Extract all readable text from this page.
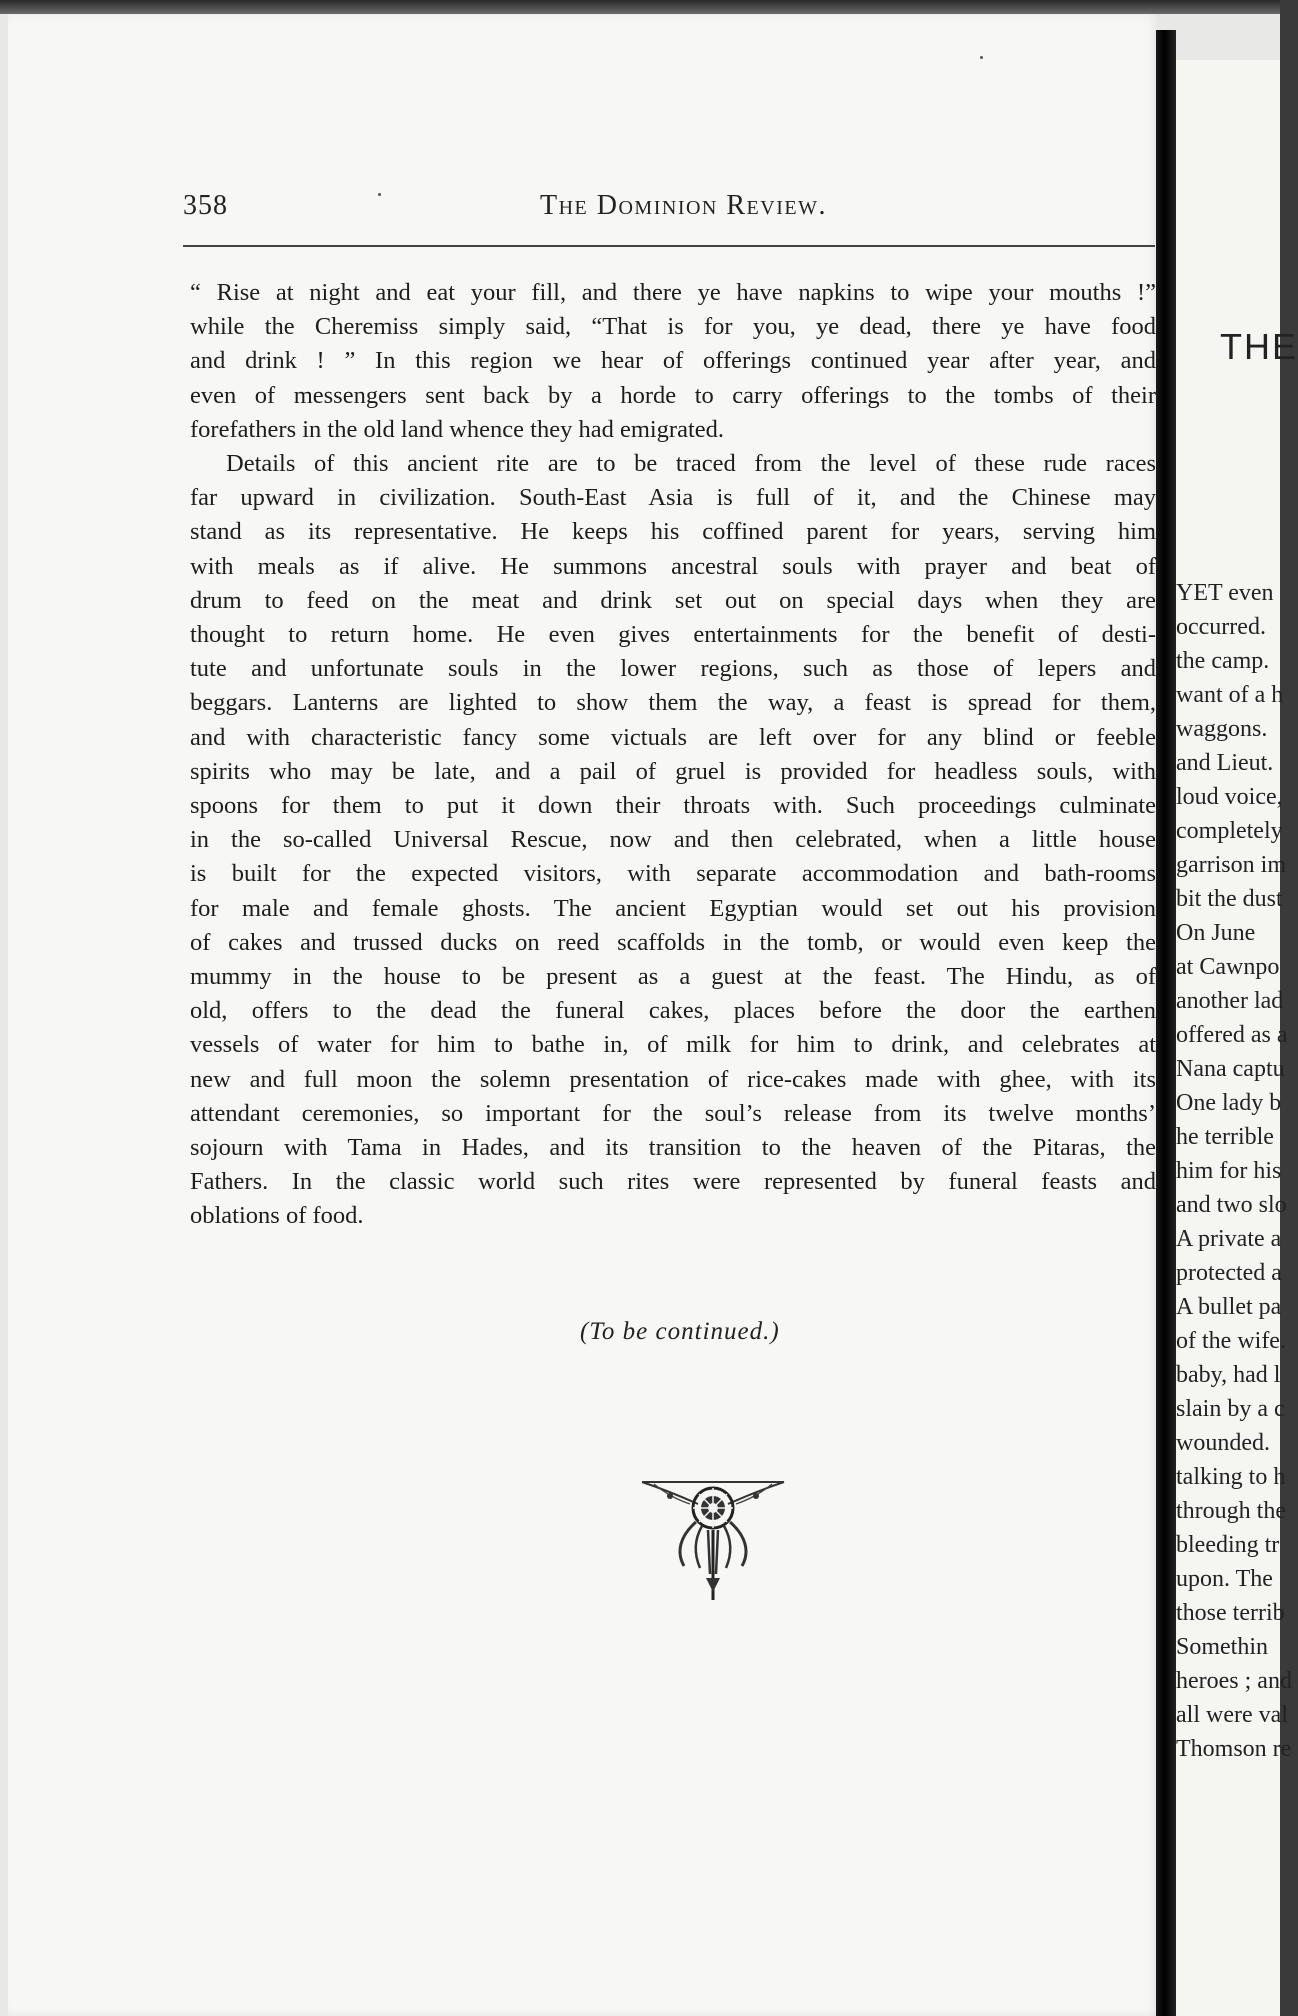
358	The Dominion Review.
“ Rise at night and eat your fill, and there ye have napkins to wipe your mouths !”
while the Cheremiss simply said, “That is for you, ye dead, there ye have food
and drink ! ” In this region we hear of offerings continued year after year, and
even of messengers sent back by a horde to carry offerings to the tombs of their
forefathers in the old land whence they had emigrated.
Details of this ancient rite are to be traced from the level of these rude races
far upward in civilization. South-East Asia is full of it, and the Chinese may
stand as its representative. He keeps his coffined parent for years, serving him
with meals as if alive. He summons ancestral souls with prayer and beat of
drum to feed on the meat and drink set out on special days when they are
thought to return home. He even gives entertainments for the benefit of desti-
tute and unfortunate souls in the lower regions, such as those of lepers and
beggars. Lanterns are lighted to show them the way, a feast is spread for them,
and with characteristic fancy some victuals are left over for any blind or feeble
spirits who may be late, and a pail of gruel is provided for headless souls, with
spoons for them to put it down their throats with. Such proceedings culminate
in the so-called Universal Rescue, now and then celebrated, when a little house
is built for the expected visitors, with separate accommodation and bath-rooms
for male and female ghosts. The ancient Egyptian would set out his provision
of cakes and trussed ducks on reed scaffolds in the tomb, or would even keep the
mummy in the house to be present as a guest at the feast. The Hindu, as of
old, offers to the dead the funeral cakes, places before the door the earthen
vessels of water for him to bathe in, of milk for him to drink, and celebrates at
new and full moon the solemn presentation of rice-cakes made with ghee, with its
attendant ceremonies, so important for the soul’s release from its twelve months’
sojourn with Tama in Hades, and its transition to the heaven of the Pitaras, the
Fathers. In the classic world such rites were represented by funeral feasts and
oblations of food.
(To be continued.)
THE
YET even
occurred.
the camp.
want of a h
waggons.
and Lieut.
loud voice,
completely
garrison im
bit the dust
On June
at Cawnpo
another lad
offered as a
Nana captu
One lady b
he terrible
him for his
and two slo
A private a
protected a
A bullet pa
of the wife.
baby, had l
slain by a c
wounded.
talking to h
through the
bleeding tr
upon. The
those terrib
Somethin
heroes ; and
all were val
Thomson re
